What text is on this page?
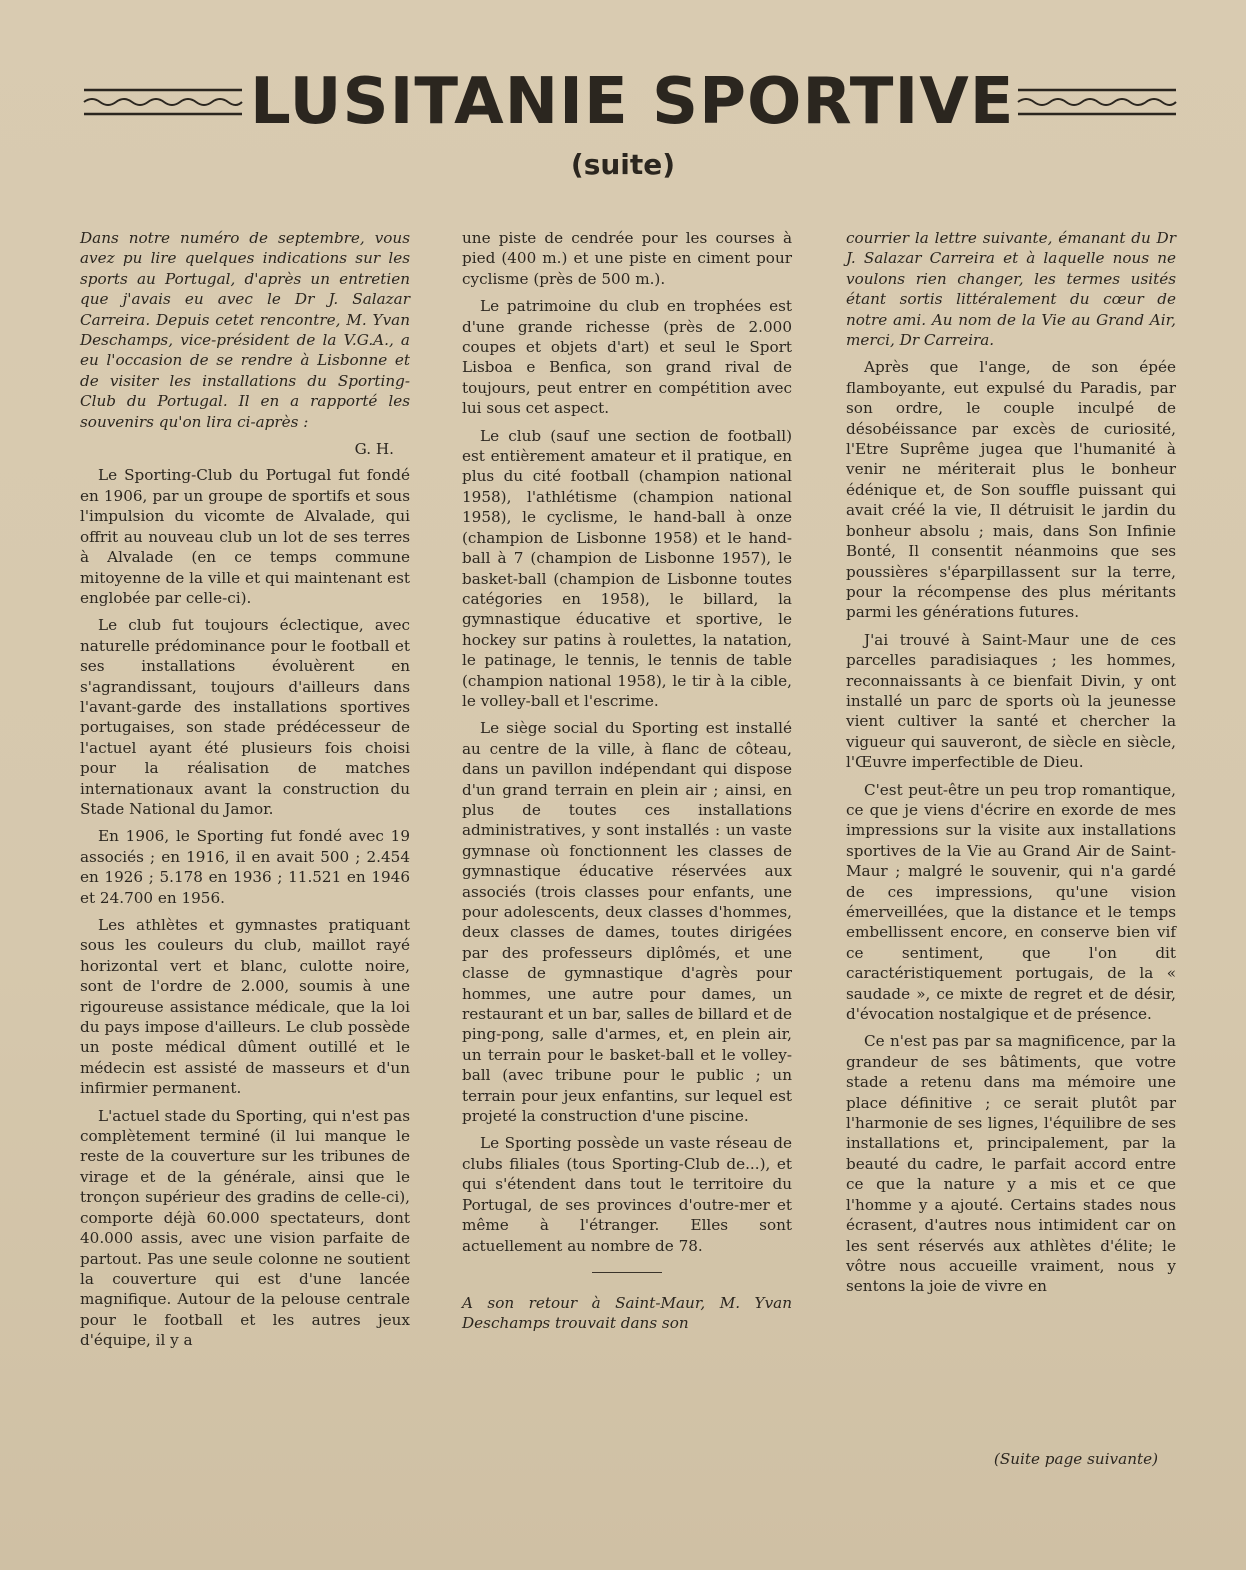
LUSITANIE SPORTIVE
(suite)

Dans notre numéro de septembre, vous avez pu lire quelques indications sur les sports au Portugal, d'après un entretien que j'avais eu avec le Dr J. Salazar Carreira. Depuis cetet rencontre, M. Yvan Deschamps, vice-président de la V.G.A., a eu l'occasion de se rendre à Lisbonne et de visiter les installations du Sporting-Club du Portugal. Il en a rapporté les souvenirs qu'on lira ci-après :

G. H.

Le Sporting-Club du Portugal fut fondé en 1906, par un groupe de sportifs et sous l'impulsion du vicomte de Alvalade, qui offrit au nouveau club un lot de ses terres à Alvalade (en ce temps commune mitoyenne de la ville et qui maintenant est englobée par celle-ci).

Le club fut toujours éclectique, avec naturelle prédominance pour le football et ses installations évoluèrent en s'agrandissant, toujours d'ailleurs dans l'avant-garde des installations sportives portugaises, son stade prédécesseur de l'actuel ayant été plusieurs fois choisi pour la réalisation de matches internationaux avant la construction du Stade National du Jamor.

En 1906, le Sporting fut fondé avec 19 associés ; en 1916, il en avait 500 ; 2.454 en 1926 ; 5.178 en 1936 ; 11.521 en 1946 et 24.700 en 1956.

Les athlètes et gymnastes pratiquant sous les couleurs du club, maillot rayé horizontal vert et blanc, culotte noire, sont de l'ordre de 2.000, soumis à une rigoureuse assistance médicale, que la loi du pays impose d'ailleurs. Le club possède un poste médical dûment outillé et le médecin est assisté de masseurs et d'un infirmier permanent.

L'actuel stade du Sporting, qui n'est pas complètement terminé (il lui manque le reste de la couverture sur les tribunes de virage et de la générale, ainsi que le tronçon supérieur des gradins de celle-ci), comporte déjà 60.000 spectateurs, dont 40.000 assis, avec une vision parfaite de partout. Pas une seule colonne ne soutient la couverture qui est d'une lancée magnifique. Autour de la pelouse centrale pour le football et les autres jeux d'équipe, il y a

une piste de cendrée pour les courses à pied (400 m.) et une piste en ciment pour cyclisme (près de 500 m.).

Le patrimoine du club en trophées est d'une grande richesse (près de 2.000 coupes et objets d'art) et seul le Sport Lisboa e Benfica, son grand rival de toujours, peut entrer en compétition avec lui sous cet aspect.

Le club (sauf une section de football) est entièrement amateur et il pratique, en plus du cité football (champion national 1958), l'athlétisme (champion national 1958), le cyclisme, le hand-ball à onze (champion de Lisbonne 1958) et le hand-ball à 7 (champion de Lisbonne 1957), le basket-ball (champion de Lisbonne toutes catégories en 1958), le billard, la gymnastique éducative et sportive, le hockey sur patins à roulettes, la natation, le patinage, le tennis, le tennis de table (champion national 1958), le tir à la cible, le volley-ball et l'escrime.

Le siège social du Sporting est installé au centre de la ville, à flanc de côteau, dans un pavillon indépendant qui dispose d'un grand terrain en plein air ; ainsi, en plus de toutes ces installations administratives, y sont installés : un vaste gymnase où fonctionnent les classes de gymnastique éducative réservées aux associés (trois classes pour enfants, une pour adolescents, deux classes d'hommes, deux classes de dames, toutes dirigées par des professeurs diplômés, et une classe de gymnastique d'agrès pour hommes, une autre pour dames, un restaurant et un bar, salles de billard et de ping-pong, salle d'armes, et, en plein air, un terrain pour le basket-ball et le volley-ball (avec tribune pour le public ; un terrain pour jeux enfantins, sur lequel est projeté la construction d'une piscine.

Le Sporting possède un vaste réseau de clubs filiales (tous Sporting-Club de...), et qui s'étendent dans tout le territoire du Portugal, de ses provinces d'outre-mer et même à l'étranger. Elles sont actuellement au nombre de 78.

A son retour à Saint-Maur, M. Yvan Deschamps trouvait dans son

courrier la lettre suivante, émanant du Dr J. Salazar Carreira et à laquelle nous ne voulons rien changer, les termes usités étant sortis littéralement du cœur de notre ami. Au nom de la Vie au Grand Air, merci, Dr Carreira.

Après que l'ange, de son épée flamboyante, eut expulsé du Paradis, par son ordre, le couple inculpé de désobéissance par excès de curiosité, l'Etre Suprême jugea que l'humanité à venir ne mériterait plus le bonheur édénique et, de Son souffle puissant qui avait créé la vie, Il détruisit le jardin du bonheur absolu ; mais, dans Son Infinie Bonté, Il consentit néanmoins que ses poussières s'éparpillassent sur la terre, pour la récompense des plus méritants parmi les générations futures.

J'ai trouvé à Saint-Maur une de ces parcelles paradisiaques ; les hommes, reconnaissants à ce bienfait Divin, y ont installé un parc de sports où la jeunesse vient cultiver la santé et chercher la vigueur qui sauveront, de siècle en siècle, l'Œuvre imperfectible de Dieu.

C'est peut-être un peu trop romantique, ce que je viens d'écrire en exorde de mes impressions sur la visite aux installations sportives de la Vie au Grand Air de Saint-Maur ; malgré le souvenir, qui n'a gardé de ces impressions, qu'une vision émerveillées, que la distance et le temps embellissent encore, en conserve bien vif ce sentiment, que l'on dit caractéristiquement portugais, de la « saudade », ce mixte de regret et de désir, d'évocation nostalgique et de présence.

Ce n'est pas par sa magnificence, par la grandeur de ses bâtiments, que votre stade a retenu dans ma mémoire une place définitive ; ce serait plutôt par l'harmonie de ses lignes, l'équilibre de ses installations et, principalement, par la beauté du cadre, le parfait accord entre ce que la nature y a mis et ce que l'homme y a ajouté. Certains stades nous écrasent, d'autres nous intimident car on les sent réservés aux athlètes d'élite; le vôtre nous accueille vraiment, nous y sentons la joie de vivre en

(Suite page suivante)
